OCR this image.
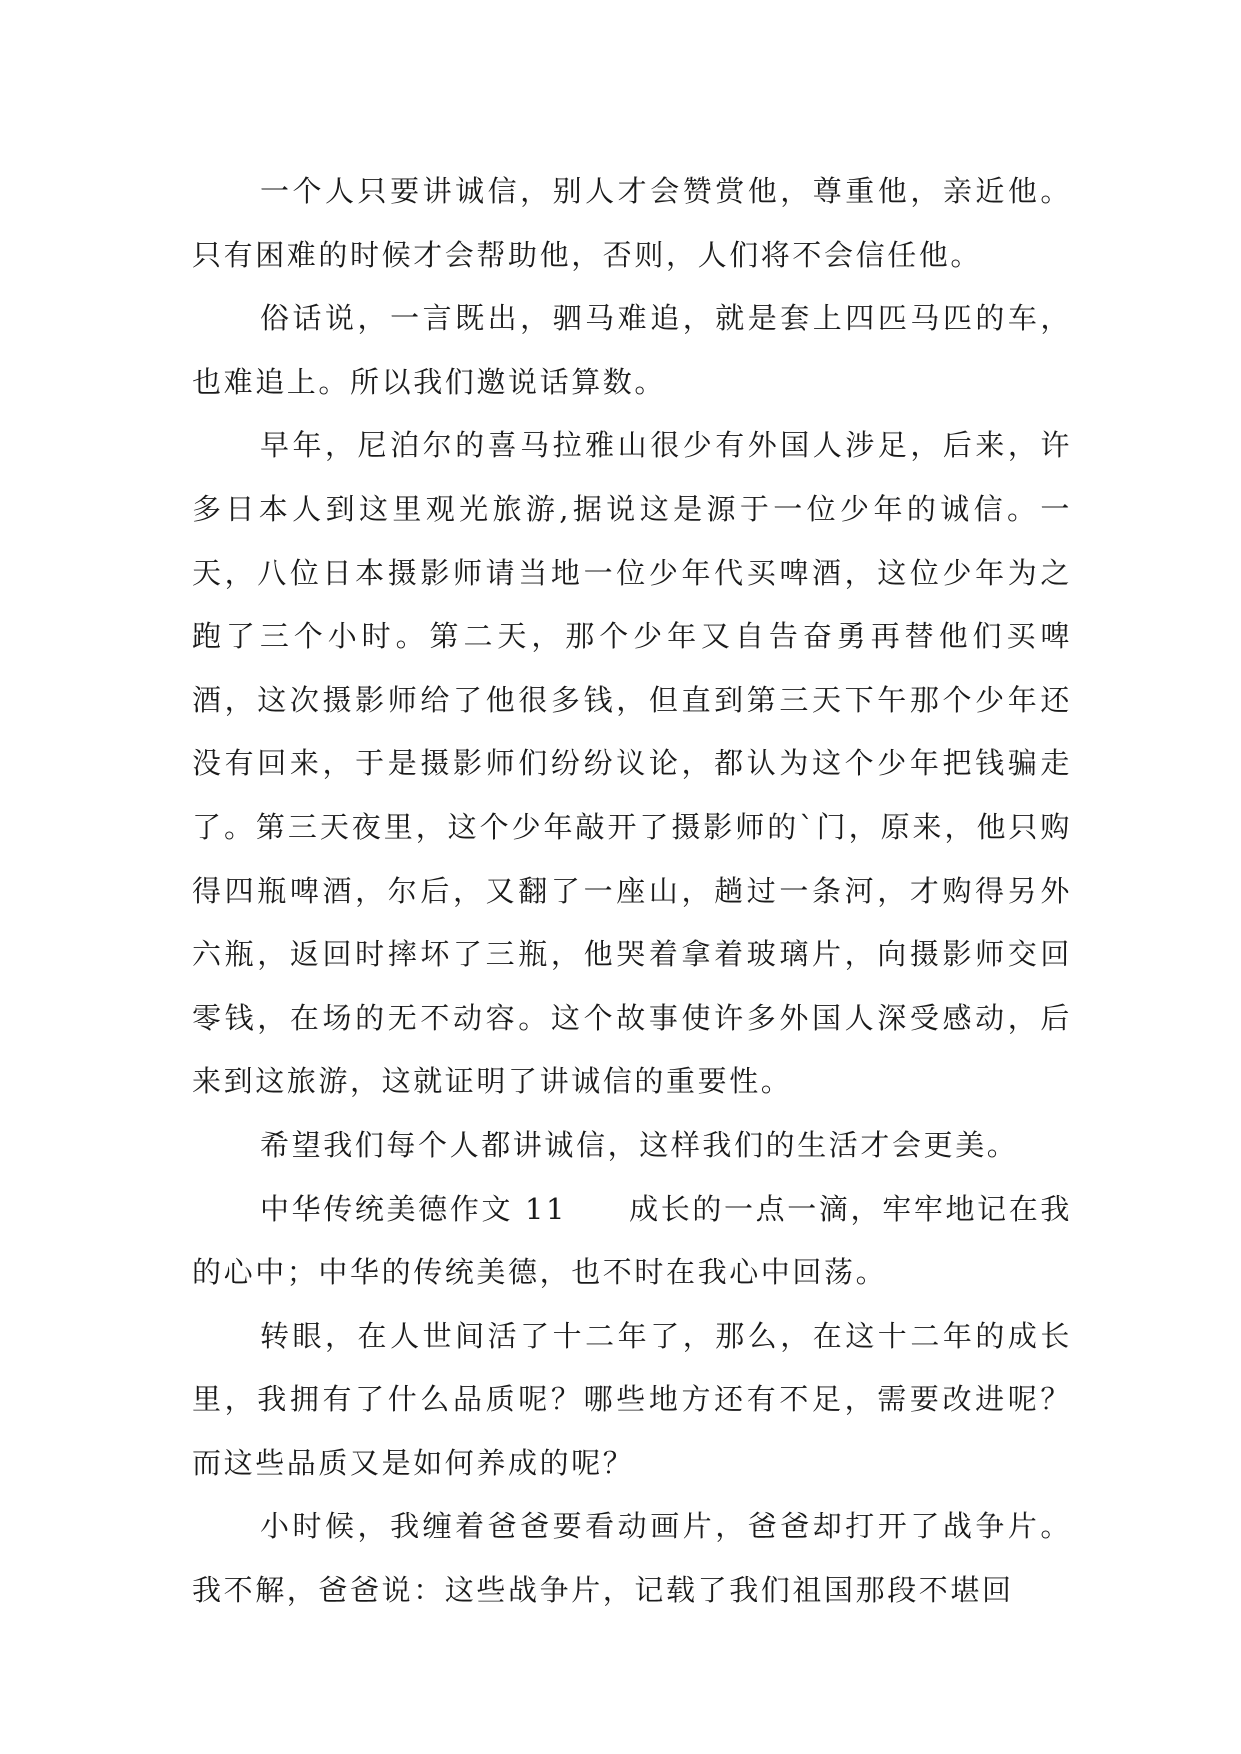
一个人只要讲诚信，别人才会赞赏他，尊重他，亲近他。只有困难的时候才会帮助他，否则，人们将不会信任他。

俗话说，一言既出，驷马难追，就是套上四匹马匹的车，也难追上。所以我们邀说话算数。

早年，尼泊尔的喜马拉雅山很少有外国人涉足，后来，许多日本人到这里观光旅游,据说这是源于一位少年的诚信。一天，八位日本摄影师请当地一位少年代买啤酒，这位少年为之跑了三个小时。第二天，那个少年又自告奋勇再替他们买啤酒，这次摄影师给了他很多钱，但直到第三天下午那个少年还没有回来，于是摄影师们纷纷议论，都认为这个少年把钱骗走了。第三天夜里，这个少年敲开了摄影师的`门，原来，他只购得四瓶啤酒，尔后，又翻了一座山，趟过一条河，才购得另外六瓶，返回时摔坏了三瓶，他哭着拿着玻璃片，向摄影师交回零钱，在场的无不动容。这个故事使许多外国人深受感动，后来到这旅游，这就证明了讲诚信的重要性。

希望我们每个人都讲诚信，这样我们的生活才会更美。

中华传统美德作文 11 成长的一点一滴，牢牢地记在我的心中；中华的传统美德，也不时在我心中回荡。

转眼，在人世间活了十二年了，那么，在这十二年的成长里，我拥有了什么品质呢？哪些地方还有不足，需要改进呢？而这些品质又是如何养成的呢？

小时候，我缠着爸爸要看动画片，爸爸却打开了战争片。我不解，爸爸说：这些战争片，记载了我们祖国那段不堪回
